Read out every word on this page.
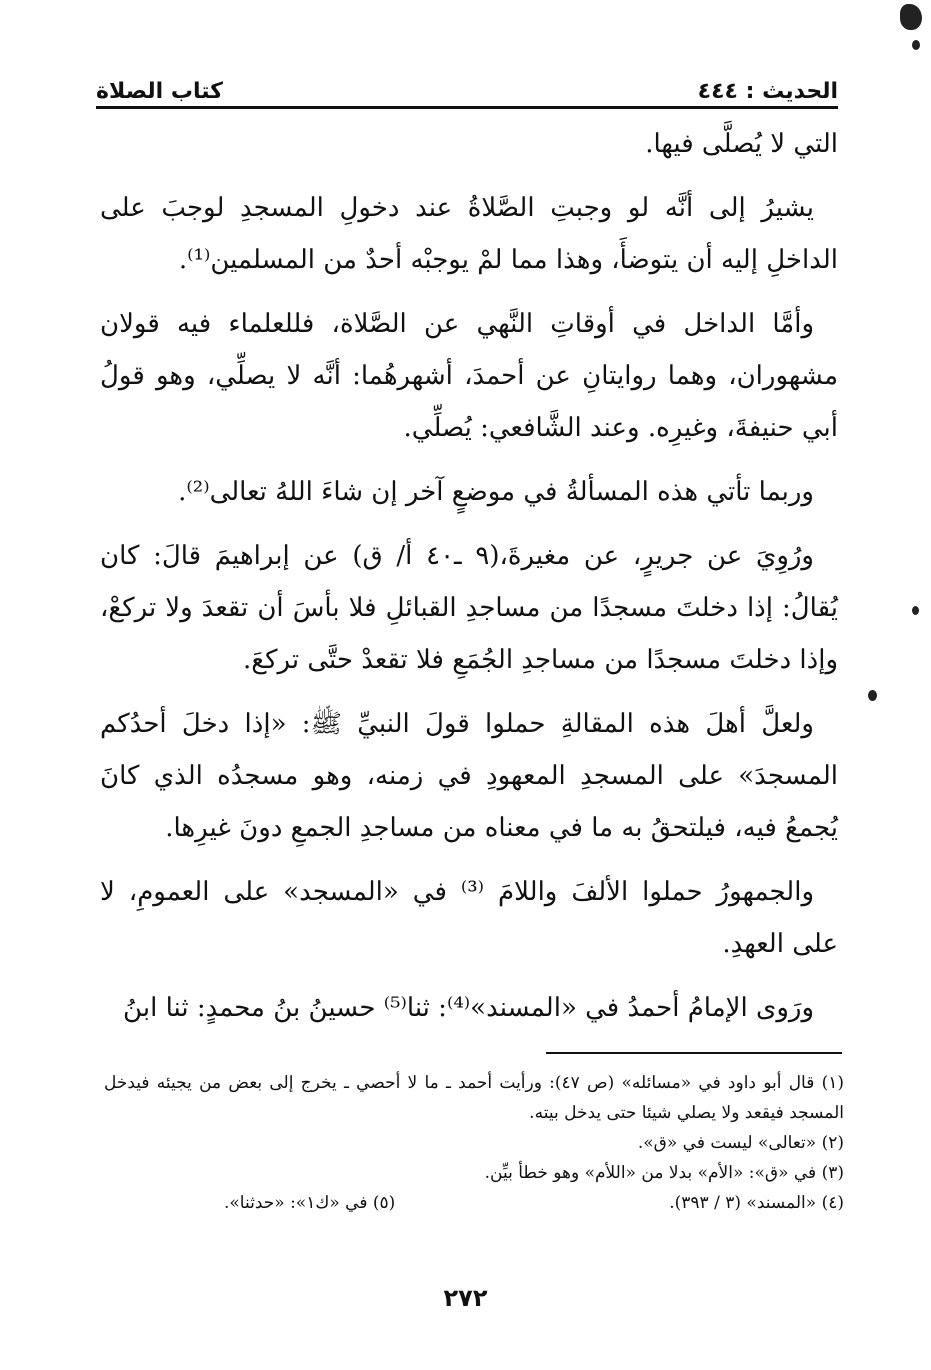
الحديث : ٤٤٤
كتاب الصلاة

التي لا يُصلَّى فيها.

يشيرُ إلى أنَّه لو وجبتِ الصَّلاةُ عند دخولِ المسجدِ لوجبَ على الداخلِ إليه أن يتوضأَ، وهذا مما لمْ يوجبْه أحدٌ من المسلمين⁽¹⁾.

وأمَّا الداخل في أوقاتِ النَّهي عن الصَّلاة، فللعلماء فيه قولان مشهوران، وهما روايتانِ عن أحمدَ، أشهرهُما: أنَّه لا يصلِّي، وهو قولُ أبي حنيفةَ، وغيرِه. وعند الشَّافعي: يُصلِّي.

وربما تأتي هذه المسألةُ في موضعٍ آخر إن شاءَ اللهُ تعالى⁽²⁾.

ورُوِيَ عن جريرٍ، عن مغيرةَ،(٩ ـ٤٠ أ/ ق) عن إبراهيمَ قالَ: كان يُقالُ: إذا دخلتَ مسجدًا من مساجدِ القبائلِ فلا بأسَ أن تقعدَ ولا تركعْ، وإذا دخلتَ مسجدًا من مساجدِ الجُمَعِ فلا تقعدْ حتَّى تركعَ.

ولعلَّ أهلَ هذه المقالةِ حملوا قولَ النبيِّ ﷺ: «إذا دخلَ أحدُكم المسجدَ» على المسجدِ المعهودِ في زمنه، وهو مسجدُه الذي كانَ يُجمعُ فيه، فيلتحقُ به ما في معناه من مساجدِ الجمعِ دونَ غيرِها.

والجمهورُ حملوا الألفَ واللامَ ⁽³⁾ في «المسجد» على العمومِ، لا على العهدِ.

ورَوى الإمامُ أحمدُ في «المسند»⁽⁴⁾: ثنا⁽⁵⁾ حسينُ بنُ محمدٍ: ثنا ابنُ

(١) قال أبو داود في «مسائله» (ص ٤٧): ورأيت أحمد ـ ما لا أحصي ـ يخرج إلى بعض من يجيئه فيدخل المسجد فيقعد ولا يصلي شيئا حتى يدخل بيته.

(٢) «تعالى» ليست في «ق».

(٣) في «ق»: «الأم» بدلا من «اللأم» وهو خطأ بيِّن.

(٤) «المسند» (٣ / ٣٩٣).
(٥) في «ك١»: «حدثنا».
٢٧٢
